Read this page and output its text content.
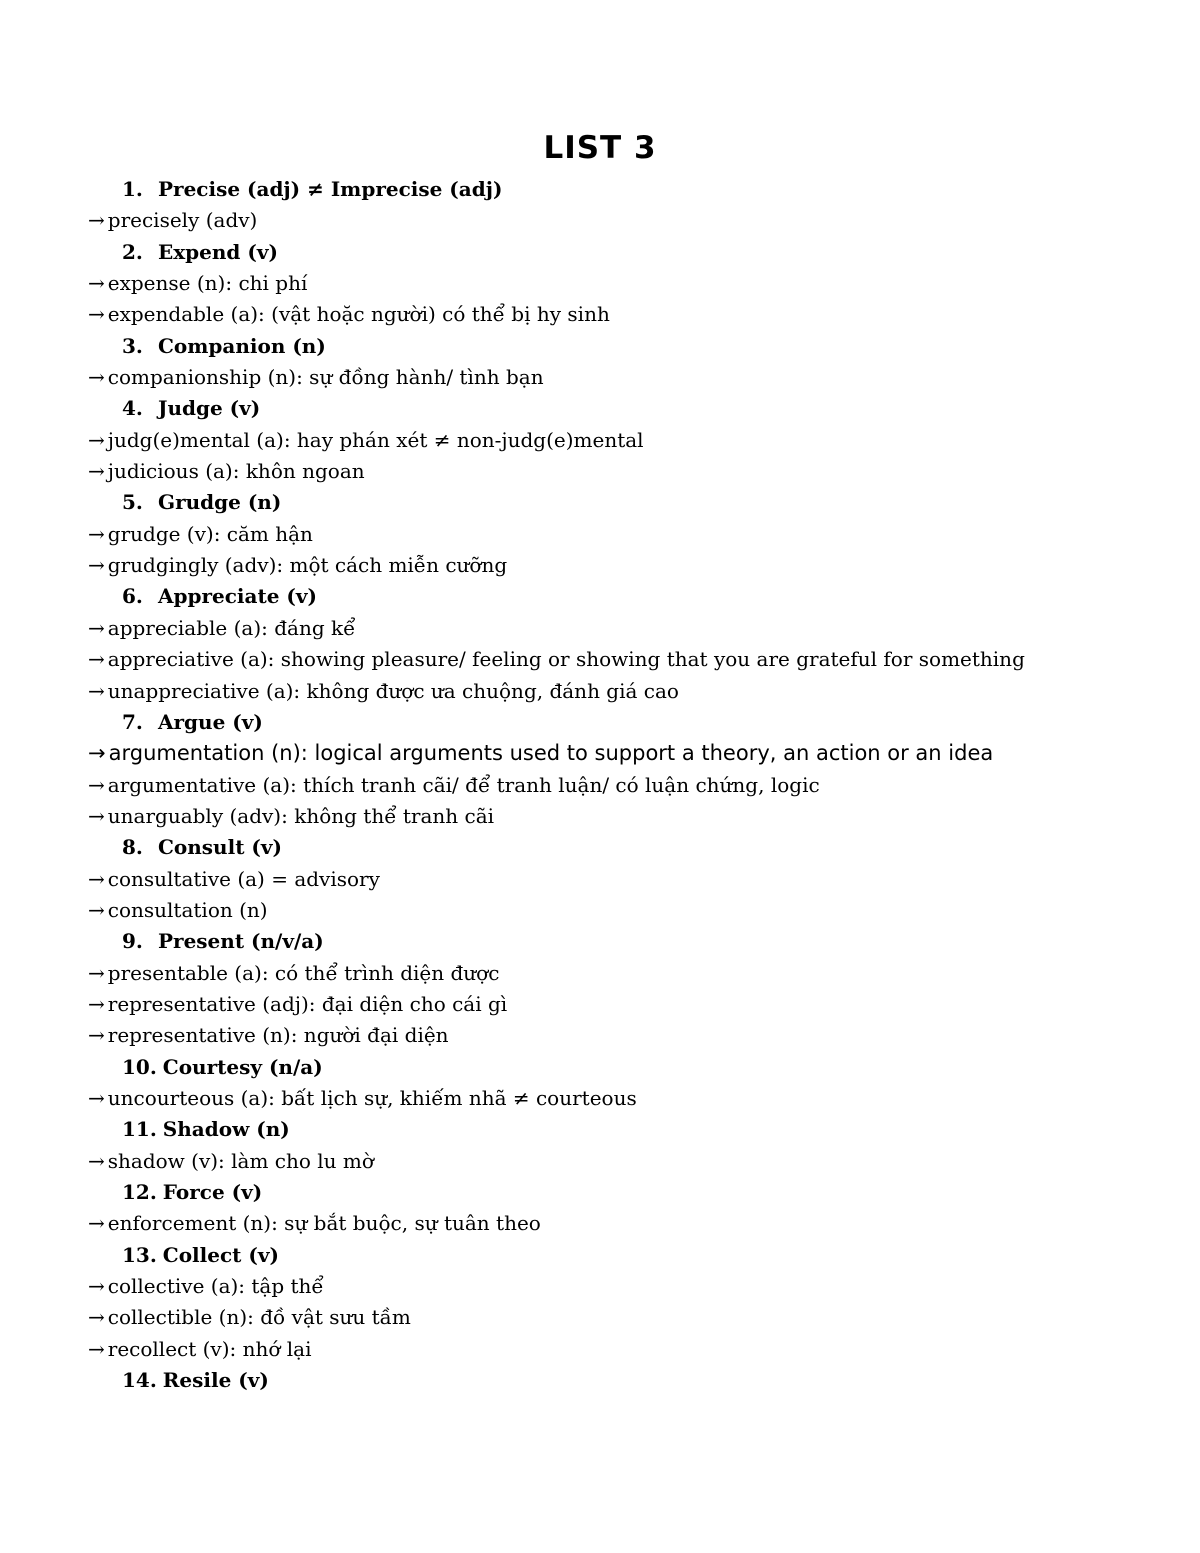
LIST 3
1. Precise (adj) ≠ Imprecise (adj)
→ precisely (adv)
2. Expend (v)
→ expense (n): chi phí
→ expendable (a): (vật hoặc người) có thể bị hy sinh
3. Companion (n)
→ companionship (n): sự đồng hành/ tình bạn
4. Judge (v)
→ judg(e)mental (a): hay phán xét ≠ non-judg(e)mental
→ judicious (a): khôn ngoan
5. Grudge (n)
→ grudge (v): căm hận
→ grudgingly (adv): một cách miễn cưỡng
6. Appreciate (v)
→ appreciable (a): đáng kể
→ appreciative (a): showing pleasure/ feeling or showing that you are grateful for something
→ unappreciative (a): không được ưa chuộng, đánh giá cao
7. Argue (v)
→ argumentation (n): logical arguments used to support a theory, an action or an idea
→ argumentative (a): thích tranh cãi/ để tranh luận/ có luận chứng, logic
→ unarguably (adv): không thể tranh cãi
8. Consult (v)
→ consultative (a) = advisory
→ consultation (n)
9. Present (n/v/a)
→ presentable (a): có thể trình diện được
→ representative (adj): đại diện cho cái gì
→ representative (n): người đại diện
10. Courtesy (n/a)
→ uncourteous (a): bất lịch sự, khiếm nhã ≠ courteous
11. Shadow (n)
→ shadow (v): làm cho lu mờ
12. Force (v)
→ enforcement (n): sự bắt buộc, sự tuân theo
13. Collect (v)
→ collective (a): tập thể
→ collectible (n): đồ vật sưu tầm
→ recollect (v): nhớ lại
14. Resile (v)
